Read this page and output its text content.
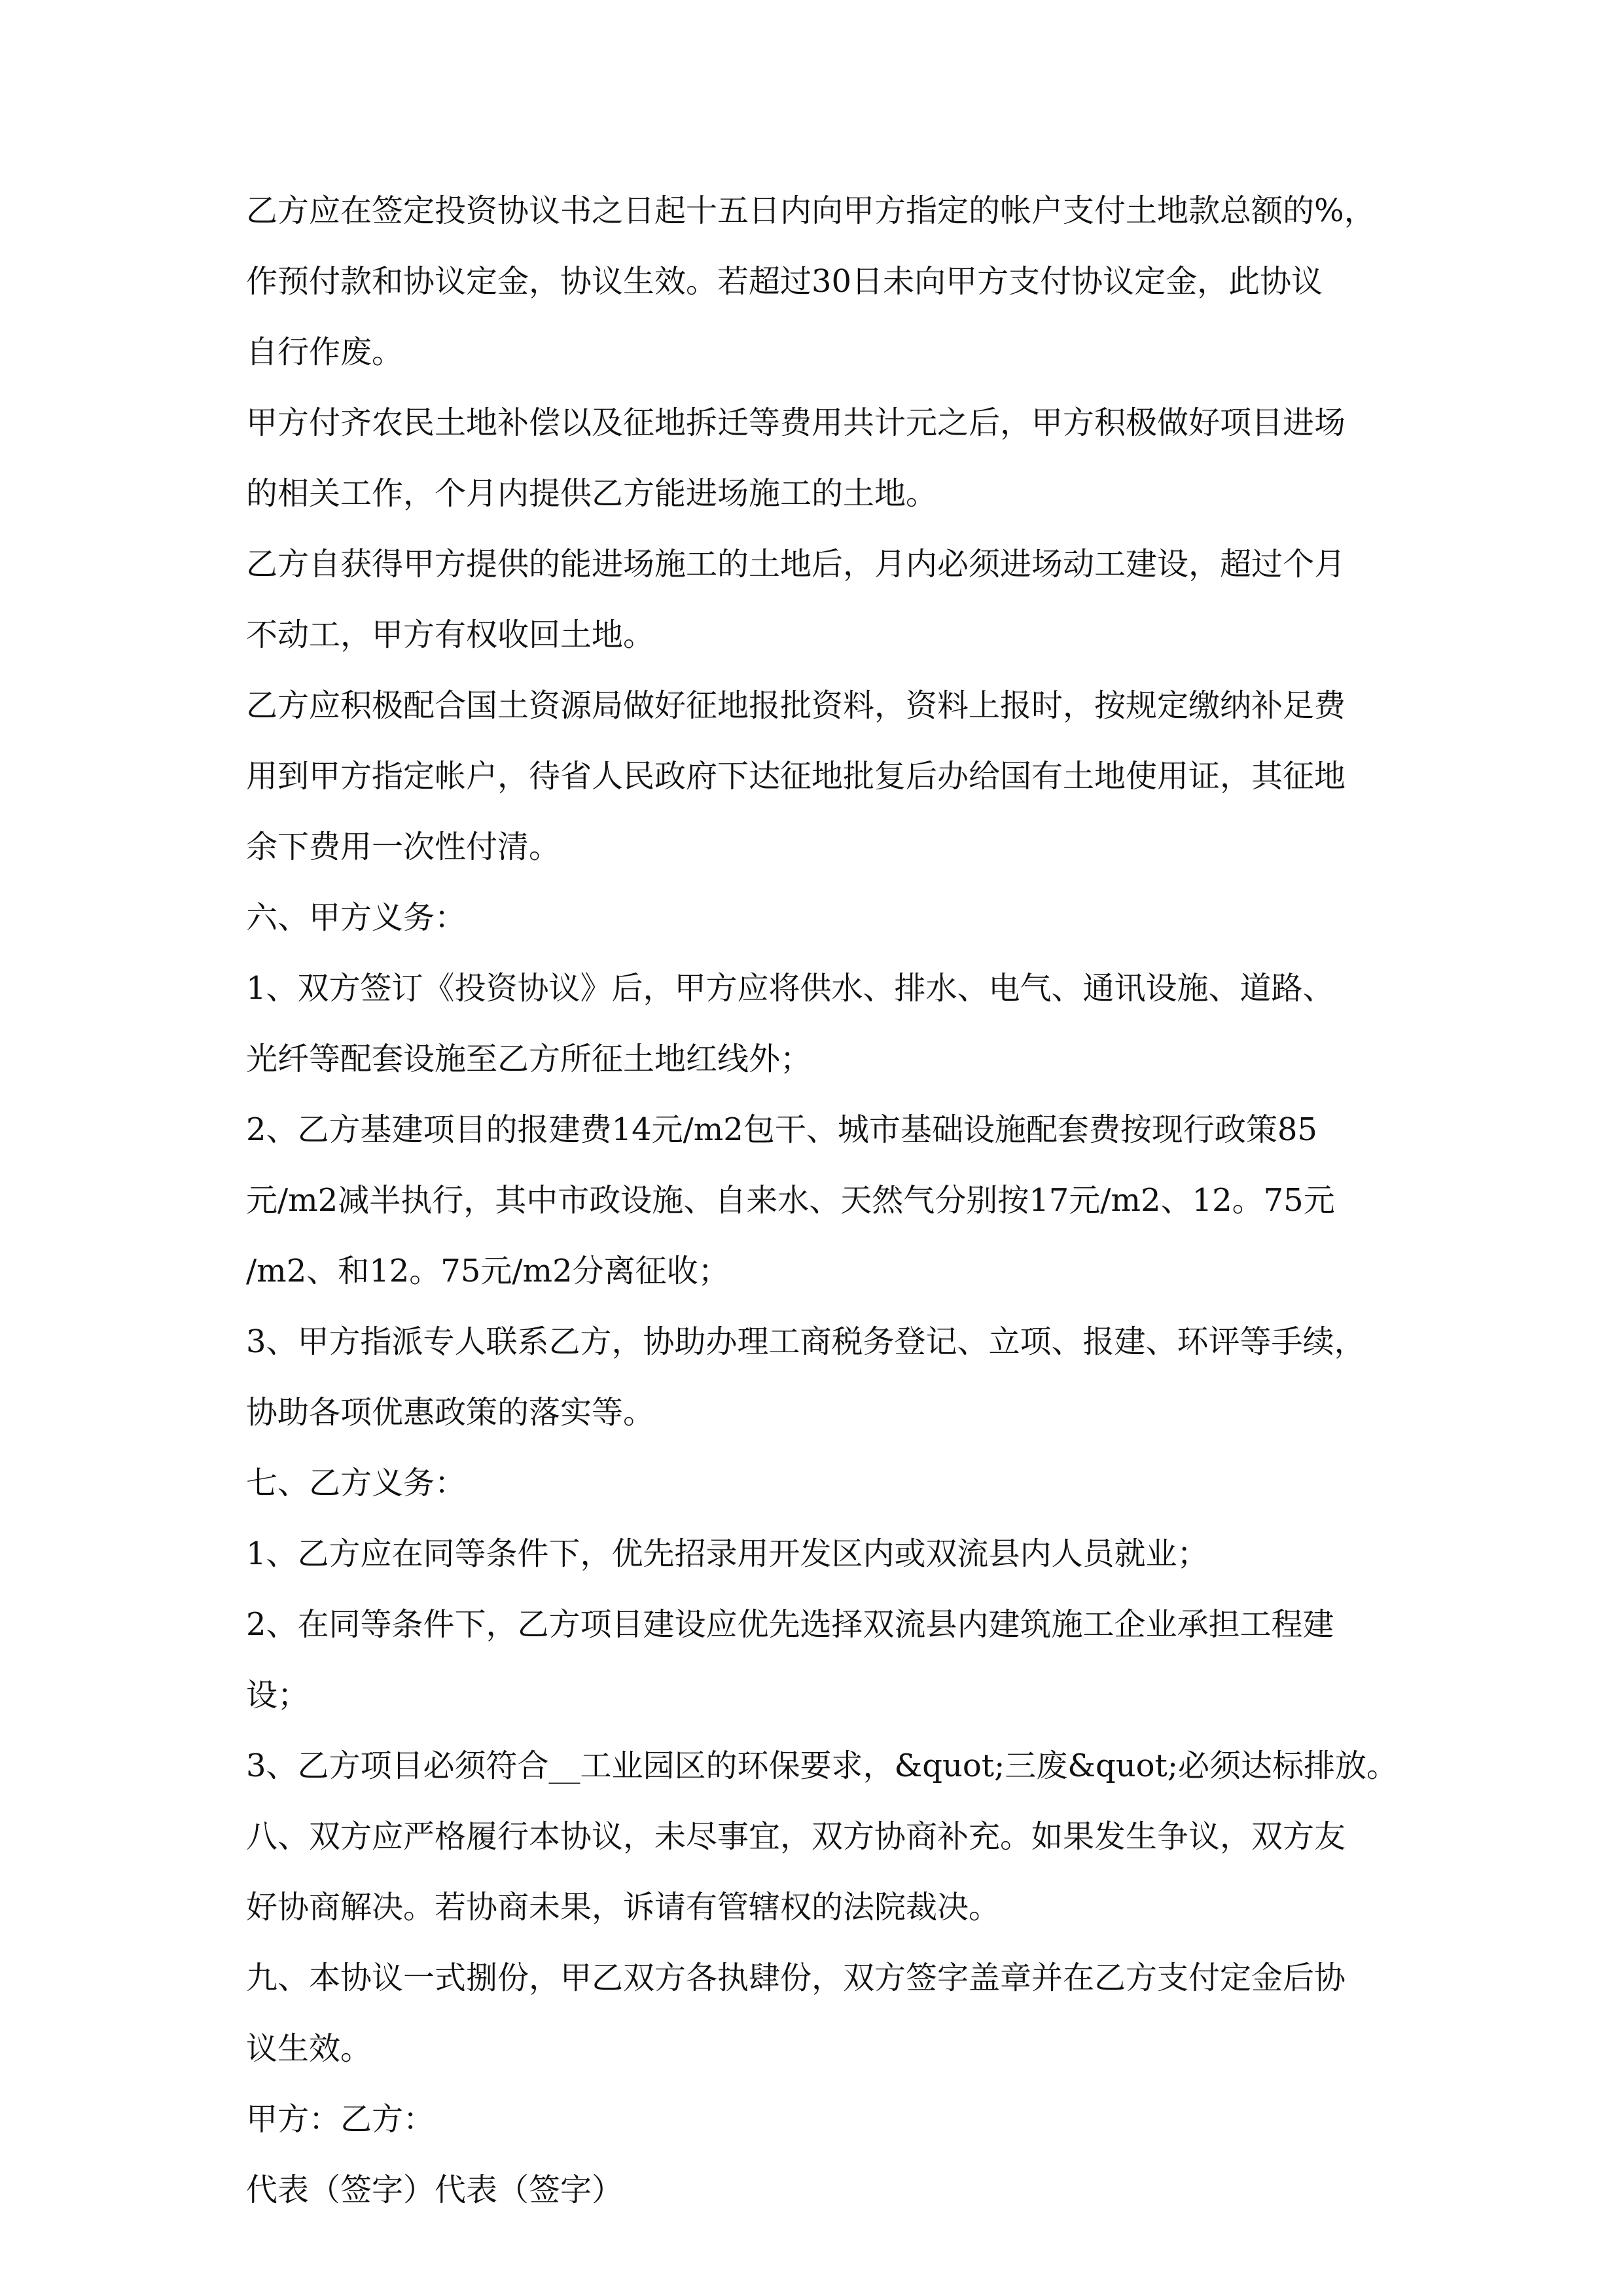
乙方应在签定投资协议书之日起十五日内向甲方指定的帐户支付土地款总额的%，
作预付款和协议定金，协议生效。若超过30日未向甲方支付协议定金，此协议
自行作废。

甲方付齐农民土地补偿以及征地拆迁等费用共计元之后，甲方积极做好项目进场
的相关工作，个月内提供乙方能进场施工的土地。

乙方自获得甲方提供的能进场施工的土地后，月内必须进场动工建设，超过个月
不动工，甲方有权收回土地。

乙方应积极配合国土资源局做好征地报批资料，资料上报时，按规定缴纳补足费
用到甲方指定帐户，待省人民政府下达征地批复后办给国有土地使用证，其征地
余下费用一次性付清。

六、甲方义务：

1、双方签订《投资协议》后，甲方应将供水、排水、电气、通讯设施、道路、
光纤等配套设施至乙方所征土地红线外；

2、乙方基建项目的报建费14元/m2包干、城市基础设施配套费按现行政策85
元/m2减半执行，其中市政设施、自来水、天然气分别按17元/m2、12。75元
/m2、和12。75元/m2分离征收；

3、甲方指派专人联系乙方，协助办理工商税务登记、立项、报建、环评等手续，
协助各项优惠政策的落实等。

七、乙方义务：

1、乙方应在同等条件下，优先招录用开发区内或双流县内人员就业；

2、在同等条件下，乙方项目建设应优先选择双流县内建筑施工企业承担工程建
设；

3、乙方项目必须符合__工业园区的环保要求，&quot;三废&quot;必须达标排放。

八、双方应严格履行本协议，未尽事宜，双方协商补充。如果发生争议，双方友
好协商解决。若协商未果，诉请有管辖权的法院裁决。

九、本协议一式捌份，甲乙双方各执肆份，双方签字盖章并在乙方支付定金后协
议生效。

甲方：乙方：

代表（签字）代表（签字）
